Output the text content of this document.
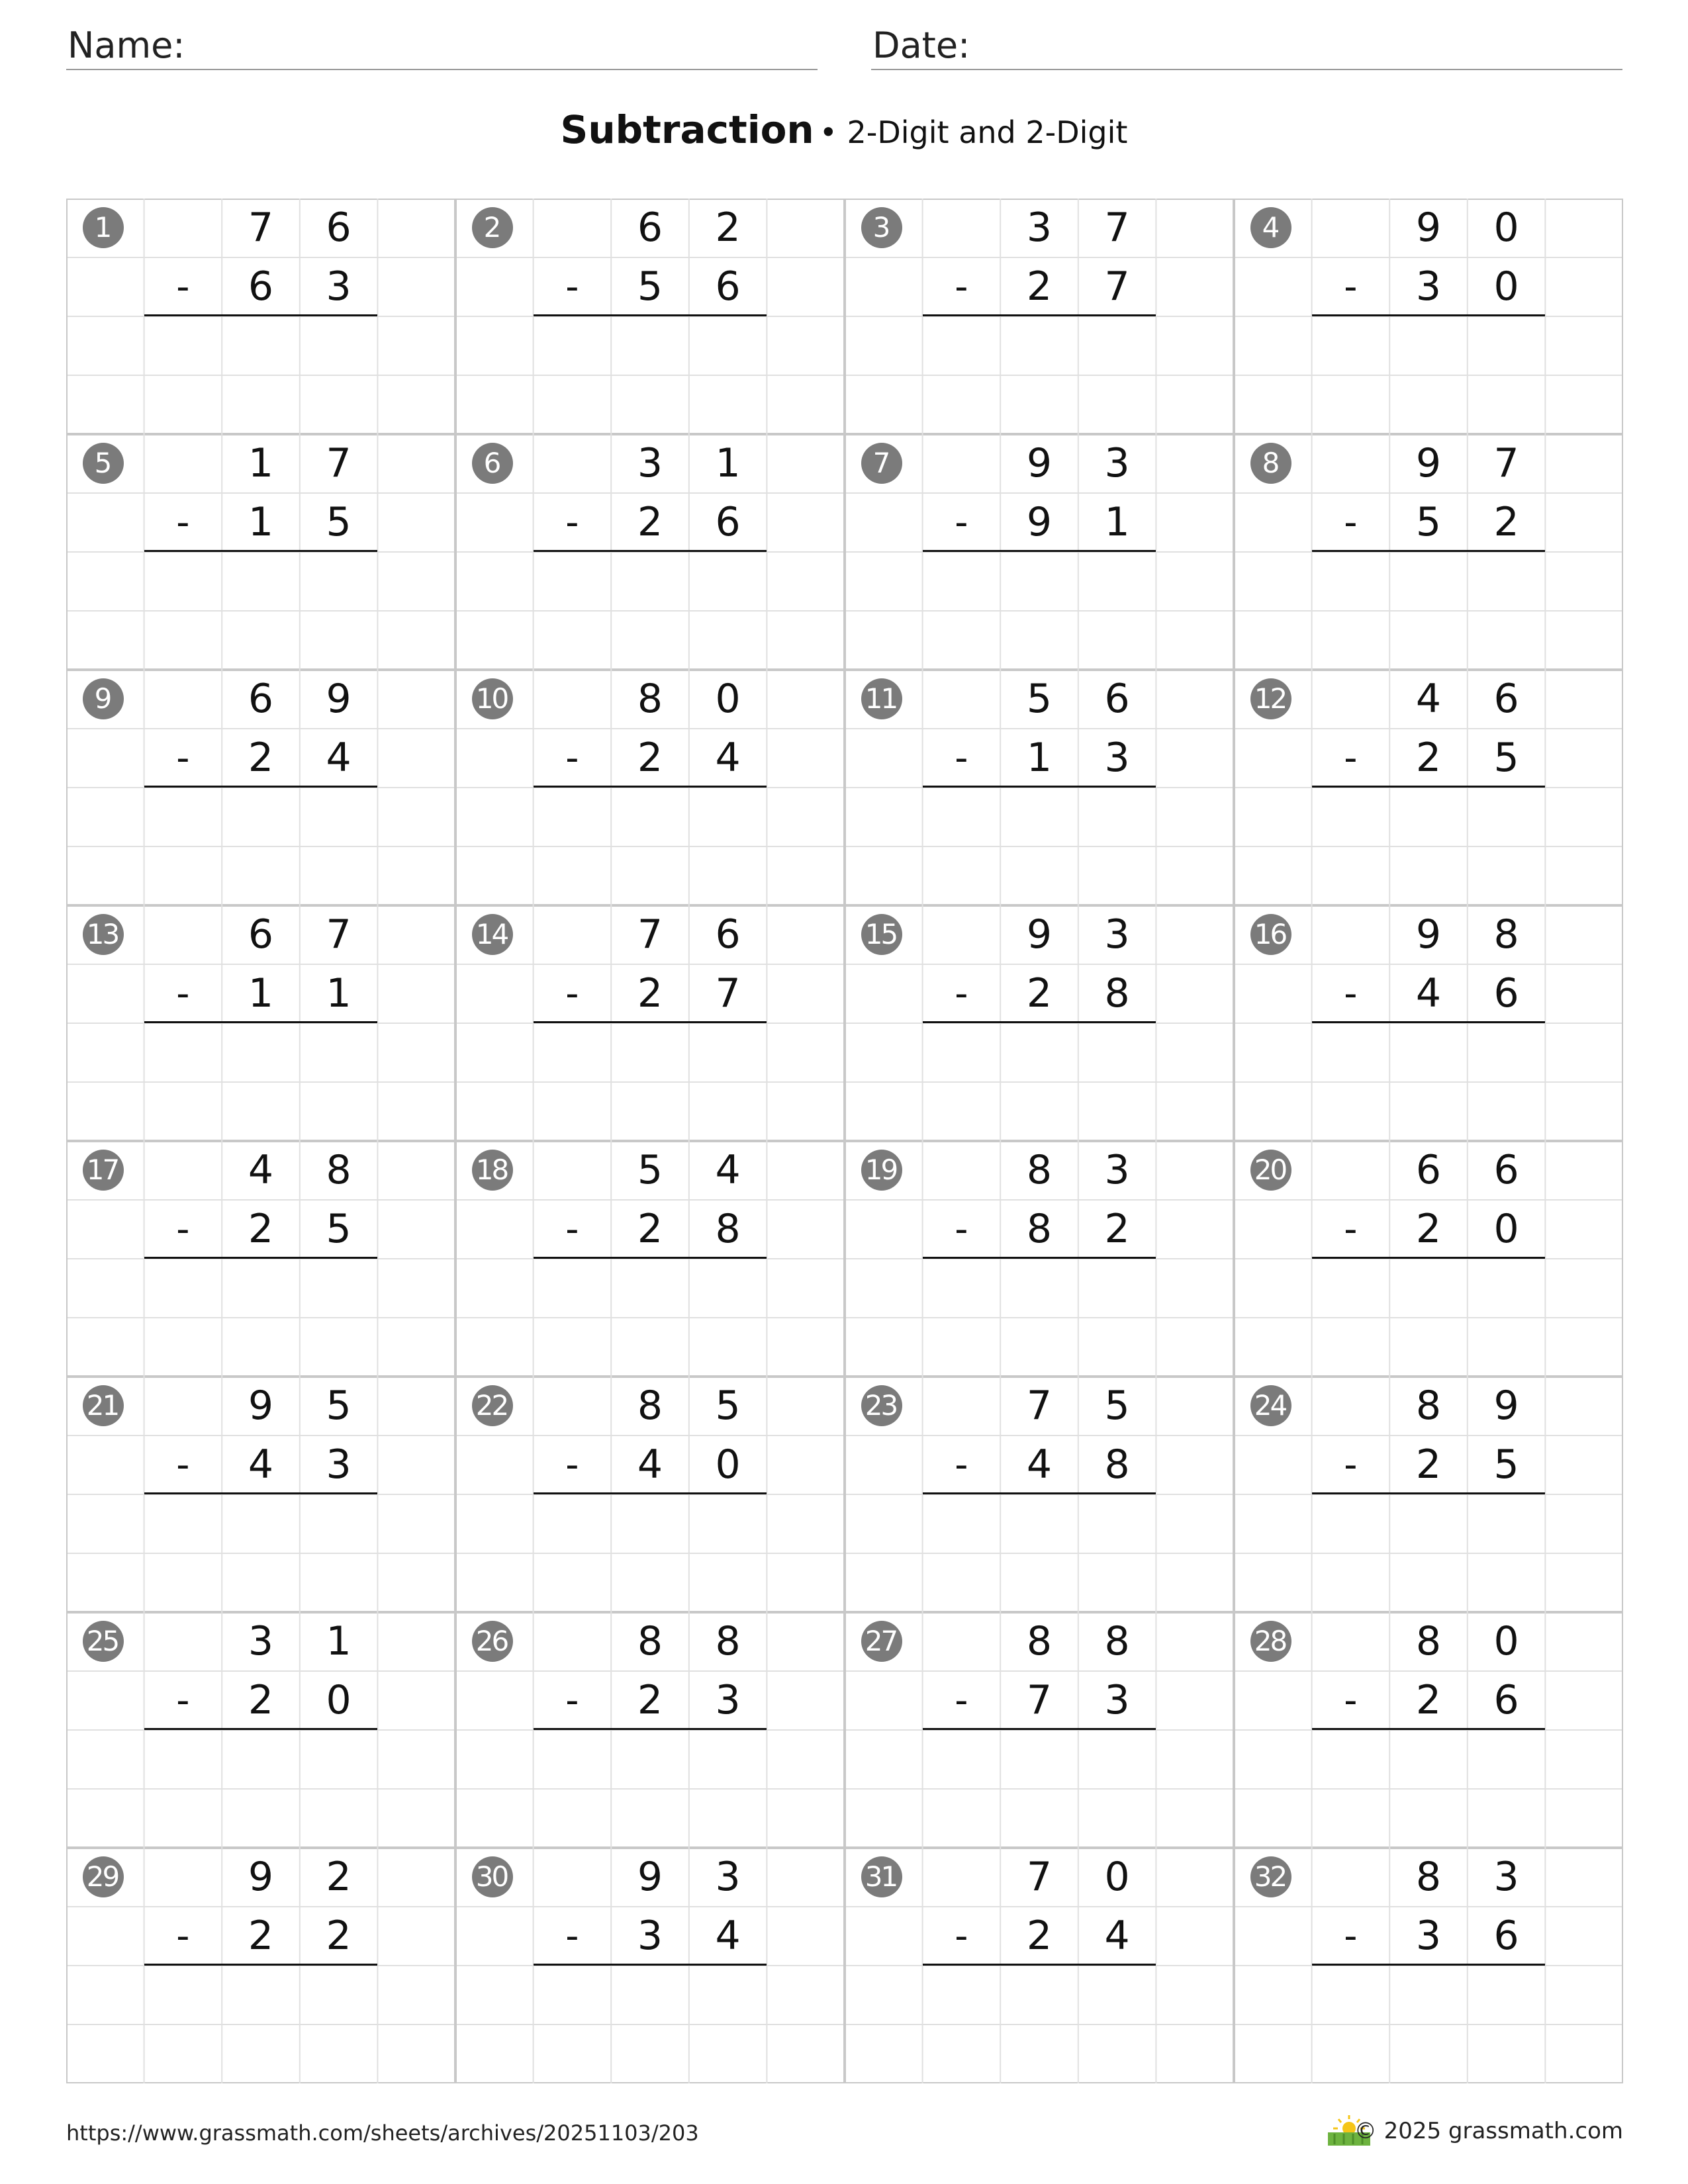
Name:	Date:
Subtraction • 2-Digit and 2-Digit
1	7	6
-	6	3
2	6	2
-	5	6
3	3	7
-	2	7
4	9	0
-	3	0
5	1	7
-	1	5
6	3	1
-	2	6
7	9	3
-	9	1
8	9	7
-	5	2
9	6	9
-	2	4
10	8	0
-	2	4
11	5	6
-	1	3
12	4	6
-	2	5
13	6	7
-	1	1
14	7	6
-	2	7
15	9	3
-	2	8
16	9	8
-	4	6
17	4	8
-	2	5
18	5	4
-	2	8
19	8	3
-	8	2
20	6	6
-	2	0
21	9	5
-	4	3
22	8	5
-	4	0
23	7	5
-	4	8
24	8	9
-	2	5
25	3	1
-	2	0
26	8	8
-	2	3
27	8	8
-	7	3
28	8	0
-	2	6
29	9	2
-	2	2
30	9	3
-	3	4
31	7	0
-	2	4
32	8	3
-	3	6
https://www.grassmath.com/sheets/archives/20251103/203	© 2025 grassmath.com
